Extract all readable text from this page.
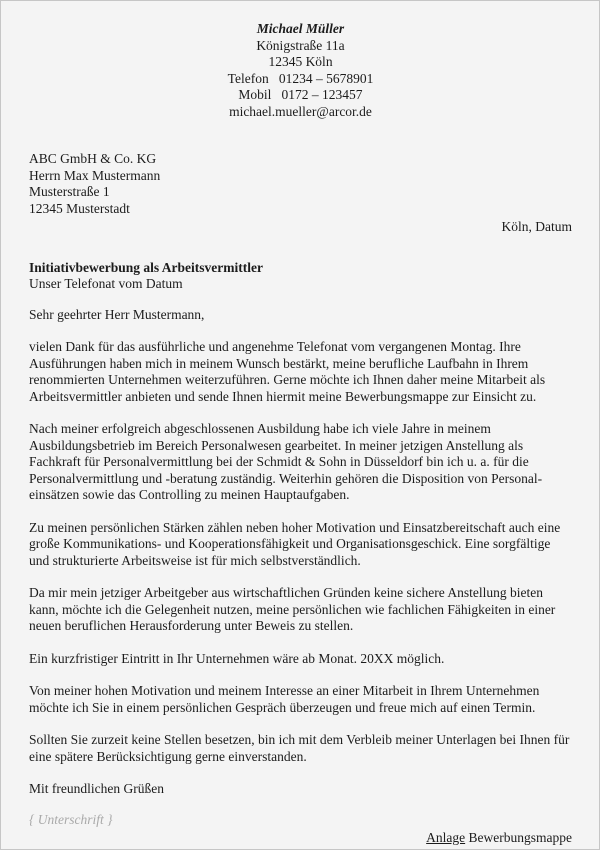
Michael Müller
Königstraße 11a
12345 Köln
Telefon   01234 – 5678901
Mobil   0172 – 123457
michael.mueller@arcor.de
ABC GmbH & Co. KG
Herrn Max Mustermann
Musterstraße 1
12345 Musterstadt
Köln, Datum
Initiativbewerbung als Arbeitsvermittler
Unser Telefonat vom Datum
Sehr geehrter Herr Mustermann,

vielen Dank für das ausführliche und angenehme Telefonat vom vergangenen Montag. Ihre Ausführungen haben mich in meinem Wunsch bestärkt, meine berufliche Laufbahn in Ihrem renommierten Unternehmen weiterzuführen. Gerne möchte ich Ihnen daher meine Mitarbeit als Arbeitsvermittler anbieten und sende Ihnen hiermit meine Bewerbungsmappe zur Einsicht zu.

Nach meiner erfolgreich abgeschlossenen Ausbildung habe ich viele Jahre in meinem Ausbildungsbetrieb im Bereich Personalwesen gearbeitet. In meiner jetzigen Anstellung als Fachkraft für Personalvermittlung bei der Schmidt & Sohn in Düsseldorf bin ich u. a. für die Personalvermittlung und -beratung zuständig. Weiterhin gehören die Disposition von Personaleinsätzen sowie das Controlling zu meinen Hauptaufgaben.

Zu meinen persönlichen Stärken zählen neben hoher Motivation und Einsatzbereitschaft auch eine große Kommunikations- und Kooperationsfähigkeit und Organisationsgeschick. Eine sorgfältige und strukturierte Arbeitsweise ist für mich selbstverständlich.

Da mir mein jetziger Arbeitgeber aus wirtschaftlichen Gründen keine sichere Anstellung bieten kann, möchte ich die Gelegenheit nutzen, meine persönlichen wie fachlichen Fähigkeiten in einer neuen beruflichen Herausforderung unter Beweis zu stellen.

Ein kurzfristiger Eintritt in Ihr Unternehmen wäre ab Monat. 20XX möglich.

Von meiner hohen Motivation und meinem Interesse an einer Mitarbeit in Ihrem Unternehmen möchte ich Sie in einem persönlichen Gespräch überzeugen und freue mich auf einen Termin.

Sollten Sie zurzeit keine Stellen besetzen, bin ich mit dem Verbleib meiner Unterlagen bei Ihnen für eine spätere Berücksichtigung gerne einverstanden.

Mit freundlichen Grüßen
{ Unterschrift }
Anlage Bewerbungsmappe
